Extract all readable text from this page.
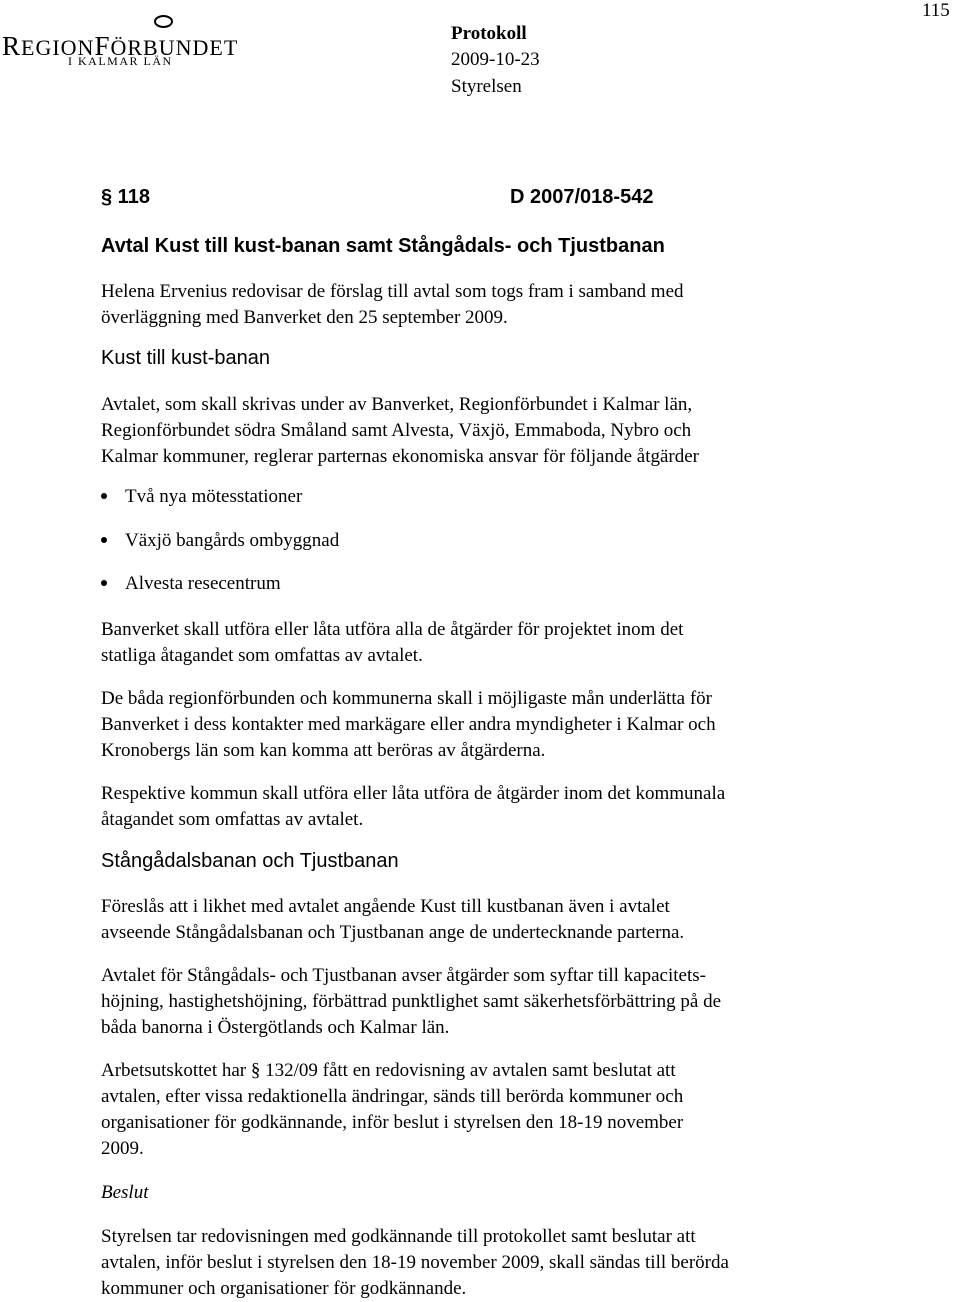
115
REGIONFÖRBUNDET
I KALMAR LÄN
Protokoll
2009-10-23
Styrelsen
§ 118	D 2007/018-542
Avtal Kust till kust-banan samt Stångådals- och Tjustbanan

Helena Ervenius redovisar de förslag till avtal som togs fram i samband med
överläggning med Banverket den 25 september 2009.

Kust till kust-banan

Avtalet, som skall skrivas under av Banverket, Regionförbundet i Kalmar län,
Regionförbundet södra Småland samt Alvesta, Växjö, Emmaboda, Nybro och
Kalmar kommuner, reglerar parternas ekonomiska ansvar för följande åtgärder

Två nya mötesstationer
Växjö bangårds ombyggnad
Alvesta resecentrum

Banverket skall utföra eller låta utföra alla de åtgärder för projektet inom det
statliga åtagandet som omfattas av avtalet.

De båda regionförbunden och kommunerna skall i möjligaste mån underlätta för
Banverket i dess kontakter med markägare eller andra myndigheter i Kalmar och
Kronobergs län som kan komma att beröras av åtgärderna.

Respektive kommun skall utföra eller låta utföra de åtgärder inom det kommunala
åtagandet som omfattas av avtalet.

Stångådalsbanan och Tjustbanan

Föreslås att i likhet med avtalet angående Kust till kustbanan även i avtalet
avseende Stångådalsbanan och Tjustbanan ange de undertecknande parterna.

Avtalet för Stångådals- och Tjustbanan avser åtgärder som syftar till kapacitets-
höjning, hastighetshöjning, förbättrad punktlighet samt säkerhetsförbättring på de
båda banorna i Östergötlands och Kalmar län.

Arbetsutskottet har § 132/09 fått en redovisning av avtalen samt beslutat att
avtalen, efter vissa redaktionella ändringar, sänds till berörda kommuner och
organisationer för godkännande, inför beslut i styrelsen den 18-19 november
2009.

Beslut

Styrelsen tar redovisningen med godkännande till protokollet samt beslutar att
avtalen, inför beslut i styrelsen den 18-19 november 2009, skall sändas till berörda
kommuner och organisationer för godkännande.
